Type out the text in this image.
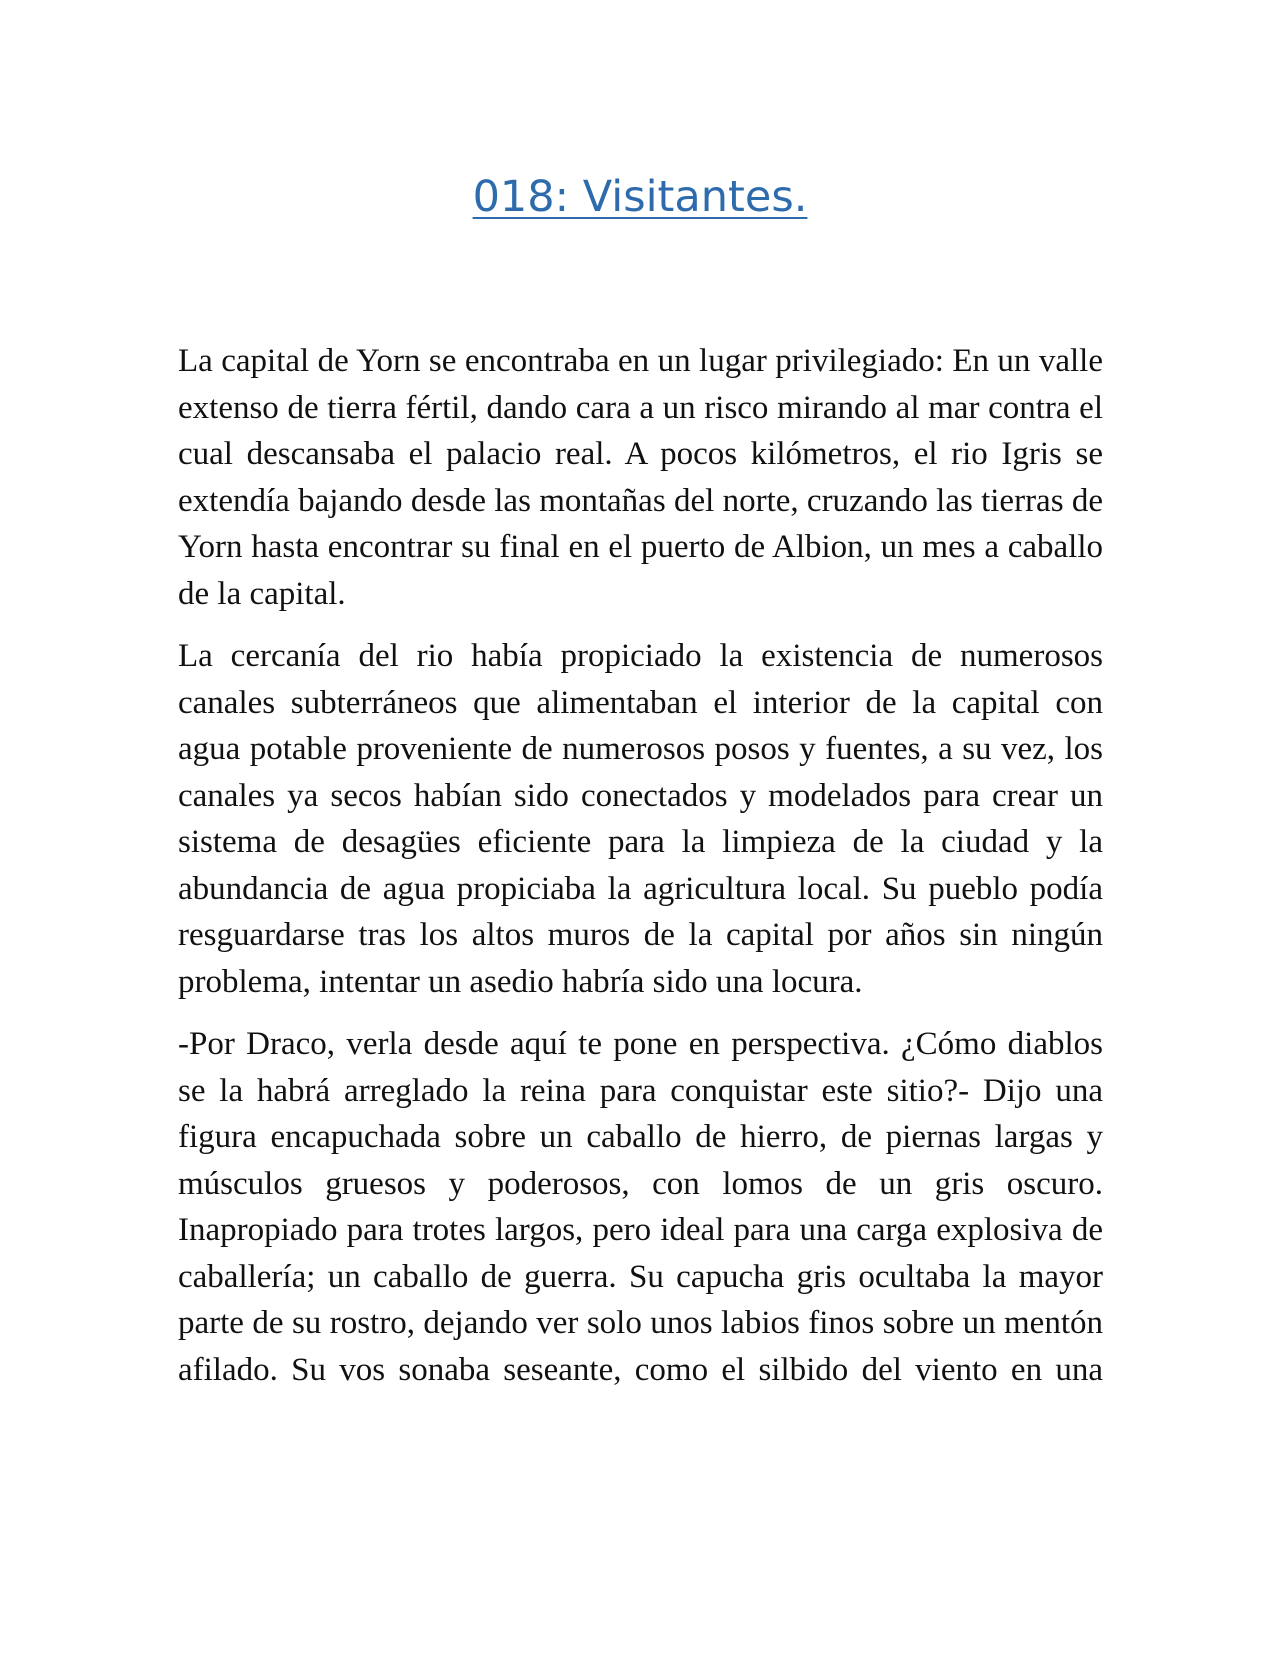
018: Visitantes.

La capital de Yorn se encontraba en un lugar privilegiado: En un valle extenso de tierra fértil, dando cara a un risco mirando al mar contra el cual descansaba el palacio real. A pocos kilómetros, el rio Igris se extendía bajando desde las montañas del norte, cruzando las tierras de Yorn hasta encontrar su final en el puerto de Albion, un mes a caballo de la capital.

La cercanía del rio había propiciado la existencia de numerosos canales subterráneos que alimentaban el interior de la capital con agua potable proveniente de numerosos posos y fuentes, a su vez, los canales ya secos habían sido conectados y modelados para crear un sistema de desagües eficiente para la limpieza de la ciudad y la abundancia de agua propiciaba la agricultura local. Su pueblo podía resguardarse tras los altos muros de la capital por años sin ningún problema, intentar un asedio habría sido una locura.

-Por Draco, verla desde aquí te pone en perspectiva. ¿Cómo diablos se la habrá arreglado la reina para conquistar este sitio?- Dijo una figura encapuchada sobre un caballo de hierro, de piernas largas y músculos gruesos y poderosos, con lomos de un gris oscuro. Inapropiado para trotes largos, pero ideal para una carga explosiva de caballería; un caballo de guerra. Su capucha gris ocultaba la mayor parte de su rostro, dejando ver solo unos labios finos sobre un mentón afilado. Su vos sonaba seseante, como el silbido del viento en una
